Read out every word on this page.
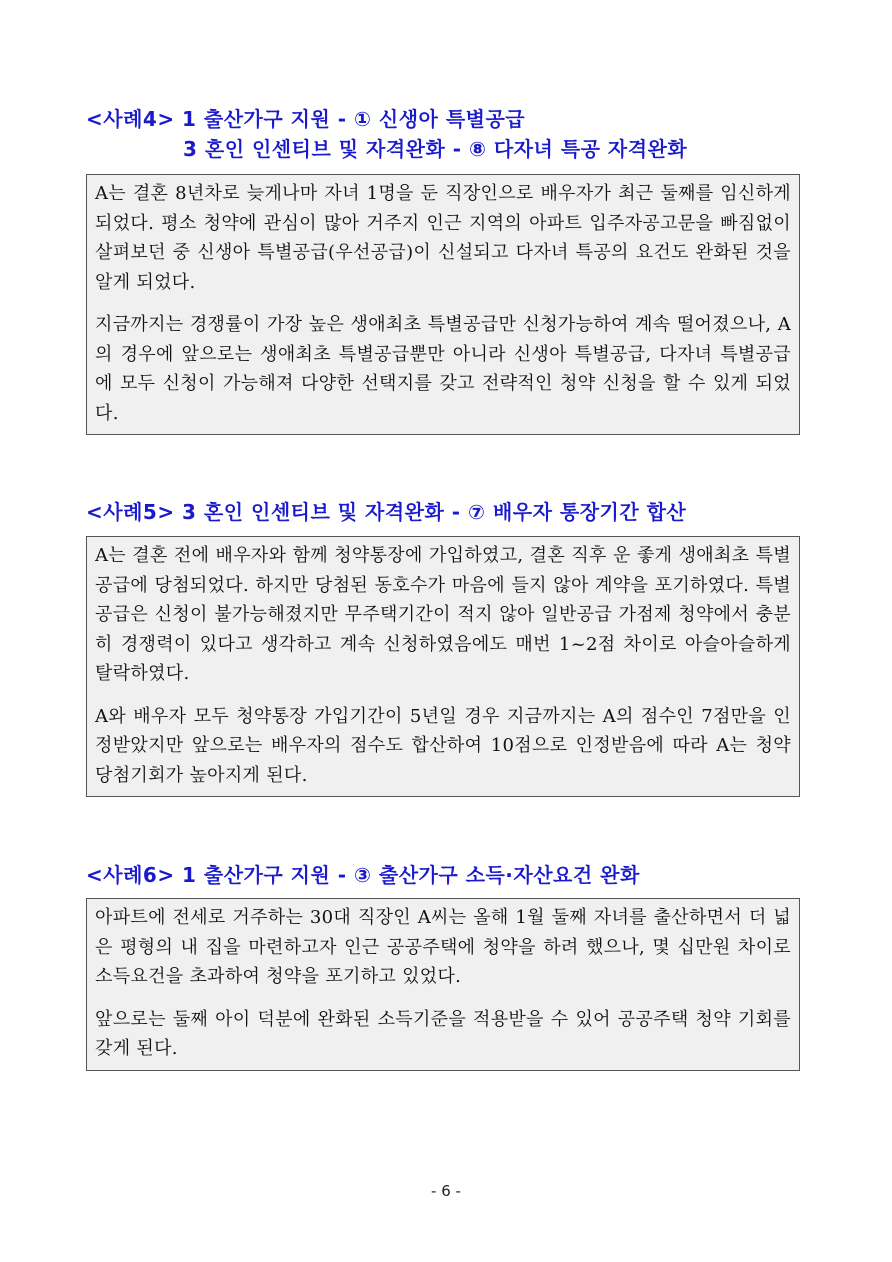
<사례4> 1 출산가구 지원 - ① 신생아 특별공급
3 혼인 인센티브 및 자격완화 - ⑧ 다자녀 특공 자격완화

A는 결혼 8년차로 늦게나마 자녀 1명을 둔 직장인으로 배우자가 최근 둘째를 임신하게 되었다. 평소 청약에 관심이 많아 거주지 인근 지역의 아파트 입주자공고문을 빠짐없이 살펴보던 중 신생아 특별공급(우선공급)이 신설되고 다자녀 특공의 요건도 완화된 것을 알게 되었다.

지금까지는 경쟁률이 가장 높은 생애최초 특별공급만 신청가능하여 계속 떨어졌으나, A의 경우에 앞으로는 생애최초 특별공급뿐만 아니라 신생아 특별공급, 다자녀 특별공급에 모두 신청이 가능해져 다양한 선택지를 갖고 전략적인 청약 신청을 할 수 있게 되었다.

<사례5> 3 혼인 인센티브 및 자격완화 - ⑦ 배우자 통장기간 합산

A는 결혼 전에 배우자와 함께 청약통장에 가입하였고, 결혼 직후 운 좋게 생애최초 특별공급에 당첨되었다. 하지만 당첨된 동호수가 마음에 들지 않아 계약을 포기하였다. 특별공급은 신청이 불가능해졌지만 무주택기간이 적지 않아 일반공급 가점제 청약에서 충분히 경쟁력이 있다고 생각하고 계속 신청하였음에도 매번 1~2점 차이로 아슬아슬하게 탈락하였다.

A와 배우자 모두 청약통장 가입기간이 5년일 경우 지금까지는 A의 점수인 7점만을 인정받았지만 앞으로는 배우자의 점수도 합산하여 10점으로 인정받음에 따라 A는 청약 당첨기회가 높아지게 된다.

<사례6> 1 출산가구 지원 - ③ 출산가구 소득·자산요건 완화

아파트에 전세로 거주하는 30대 직장인 A씨는 올해 1월 둘째 자녀를 출산하면서 더 넓은 평형의 내 집을 마련하고자 인근 공공주택에 청약을 하려 했으나, 몇 십만원 차이로 소득요건을 초과하여 청약을 포기하고 있었다.

앞으로는 둘째 아이 덕분에 완화된 소득기준을 적용받을 수 있어 공공주택 청약 기회를 갖게 된다.

- 6 -
